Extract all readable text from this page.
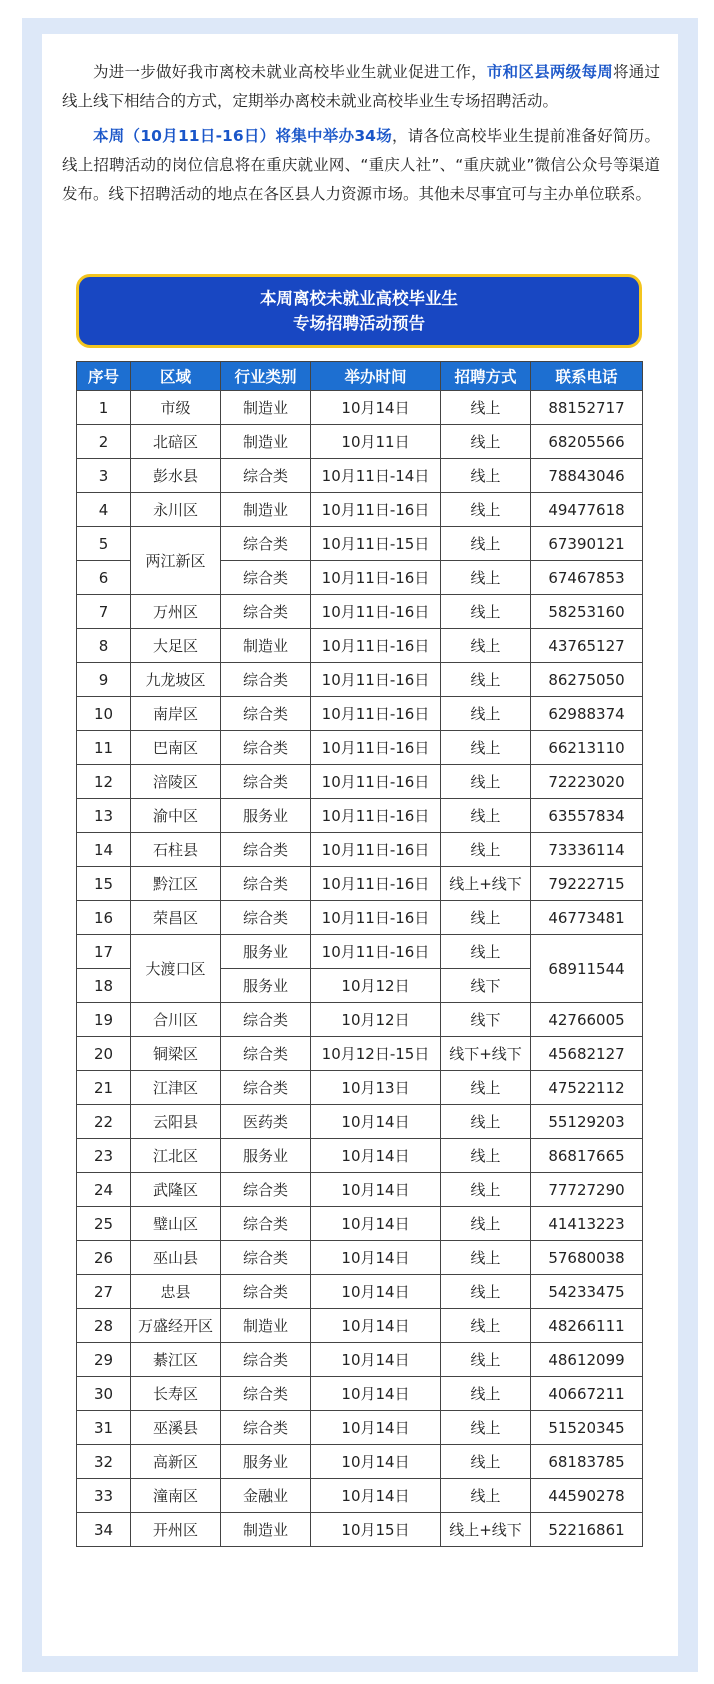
为进一步做好我市离校未就业高校毕业生就业促进工作，市和区县两级每周将通过线上线下相结合的方式，定期举办离校未就业高校毕业生专场招聘活动。

本周（10月11日-16日）将集中举办34场，请各位高校毕业生提前准备好简历。线上招聘活动的岗位信息将在重庆就业网、“重庆人社”、“重庆就业”微信公众号等渠道发布。线下招聘活动的地点在各区县人力资源市场。其他未尽事宜可与主办单位联系。

本周离校未就业高校毕业生
专场招聘活动预告
序号	区域	行业类别	举办时间	招聘方式	联系电话
1	市级	制造业	10月14日	线上	88152717
2	北碚区	制造业	10月11日	线上	68205566
3	彭水县	综合类	10月11日-14日	线上	78843046
4	永川区	制造业	10月11日-16日	线上	49477618
5	两江新区	综合类	10月11日-15日	线上	67390121
6		综合类	10月11日-16日	线上	67467853
7	万州区	综合类	10月11日-16日	线上	58253160
8	大足区	制造业	10月11日-16日	线上	43765127
9	九龙坡区	综合类	10月11日-16日	线上	86275050
10	南岸区	综合类	10月11日-16日	线上	62988374
11	巴南区	综合类	10月11日-16日	线上	66213110
12	涪陵区	综合类	10月11日-16日	线上	72223020
13	渝中区	服务业	10月11日-16日	线上	63557834
14	石柱县	综合类	10月11日-16日	线上	73336114
15	黔江区	综合类	10月11日-16日	线上+线下	79222715
16	荣昌区	综合类	10月11日-16日	线上	46773481
17	大渡口区	服务业	10月11日-16日	线上	68911544
18		服务业	10月12日	线下	
19	合川区	综合类	10月12日	线下	42766005
20	铜梁区	综合类	10月12日-15日	线下+线下	45682127
21	江津区	综合类	10月13日	线上	47522112
22	云阳县	医药类	10月14日	线上	55129203
23	江北区	服务业	10月14日	线上	86817665
24	武隆区	综合类	10月14日	线上	77727290
25	璧山区	综合类	10月14日	线上	41413223
26	巫山县	综合类	10月14日	线上	57680038
27	忠县	综合类	10月14日	线上	54233475
28	万盛经开区	制造业	10月14日	线上	48266111
29	綦江区	综合类	10月14日	线上	48612099
30	长寿区	综合类	10月14日	线上	40667211
31	巫溪县	综合类	10月14日	线上	51520345
32	高新区	服务业	10月14日	线上	68183785
33	潼南区	金融业	10月14日	线上	44590278
34	开州区	制造业	10月15日	线上+线下	52216861
